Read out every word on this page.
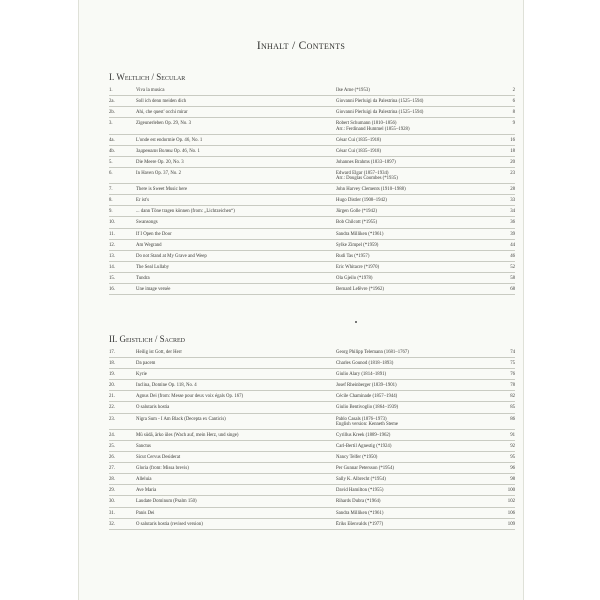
Inhalt / Contents
I. Weltlich / Secular
1.	Viva la musica	Ilse Arne (*1953)	2
2a.	Soll ich denn meiden dich	Giovanni Pierluigi da Palestrina (1525–1594)	6
2b.	Ahi, che quest' occhi mirar	Giovanni Pierluigi da Palestrina (1525–1594)	8
3.	Zigeunerleben Op. 29, No. 3	Robert Schumann (1810–1856)	9
Arr.: Ferdinand Hummel (1855–1928)
4a.	L'onde est endormie Op. 46, No. 1	César Cui (1835–1918)	16
4b.	Задремали Волны Op. 46, No. 1	César Cui (1835–1918)	18
5.	Die Meere Op. 20, No. 3	Johannes Brahms (1833–1897)	20
6.	In Haven Op. 37, No. 2	Edward Elgar (1857–1934)	23
Arr.: Douglas Coombes (*1935)
7.	There is Sweet Music here	John Harvey Clements (1910–1988)	28
8.	Er ist's	Hugo Distler (1908–1942)	33
9.	... dann Töne tragen können (from: „Lichtzeichen“)	Jürgen Golle (*1942)	34
10.	Swansongs	Bob Chilcott (*1955)	36
11.	If I Open the Door	Sandra Milliken (*1961)	39
12.	Am Wegrand	Sylke Zimpel (*1959)	44
13.	Do not Stand at My Grave and Weep	Rudi Tas (*1957)	46
14.	The Seal Lullaby	Eric Whitacre (*1970)	52
15.	Tundra	Ola Gjeilo (*1978)	58
16.	Une image versée	Bernard Lefèvre (*1962)	68
II. Geistlich / Sacred
17.	Heilig ist Gott, der Herr	Georg Philipp Telemann (1681–1767)	74
18.	Da pacem	Charles Gounod (1818–1893)	75
19.	Kyrie	Giulio Alary (1814–1891)	76
20.	Inclina, Domine Op. 118, No. 4	Josef Rheinberger (1839–1901)	78
21.	Agnus Dei (from: Messe pour deux voix égals Op. 167)	Cécile Chaminade (1857–1944)	82
22.	O salutaris hostia	Giulio Bentivoglio (1864–1939)	85
23.	Nigra Sum - I Am Black (Decepta ex Canticis)	Pablo Casals (1876–1973)	86
English version: Kenneth Steme
24.	Mü südä, ärko üles (Wach auf, mein Herz, und singe)	Cyrillus Kreek (1889–1962)	91
25.	Sanctus	Carl-Bertil Agnestig (*1924)	92
26.	Sicut Cervus Desiderat	Nancy Telfer (*1950)	95
27.	Gloria (from: Missa brevis)	Per Gunnar Petersson (*1954)	96
28.	Alleluia	Sally K. Albrecht (*1954)	98
29.	Ave Maria	David Hamilton (*1955)	100
30.	Laudate Dominum (Psalm 150)	Rihards Dubra (*1964)	102
31.	Panis Dei	Sandra Milliken (*1961)	106
32.	O salutaris hostia (revised version)	Ēriks Ešenvalds (*1977)	109
